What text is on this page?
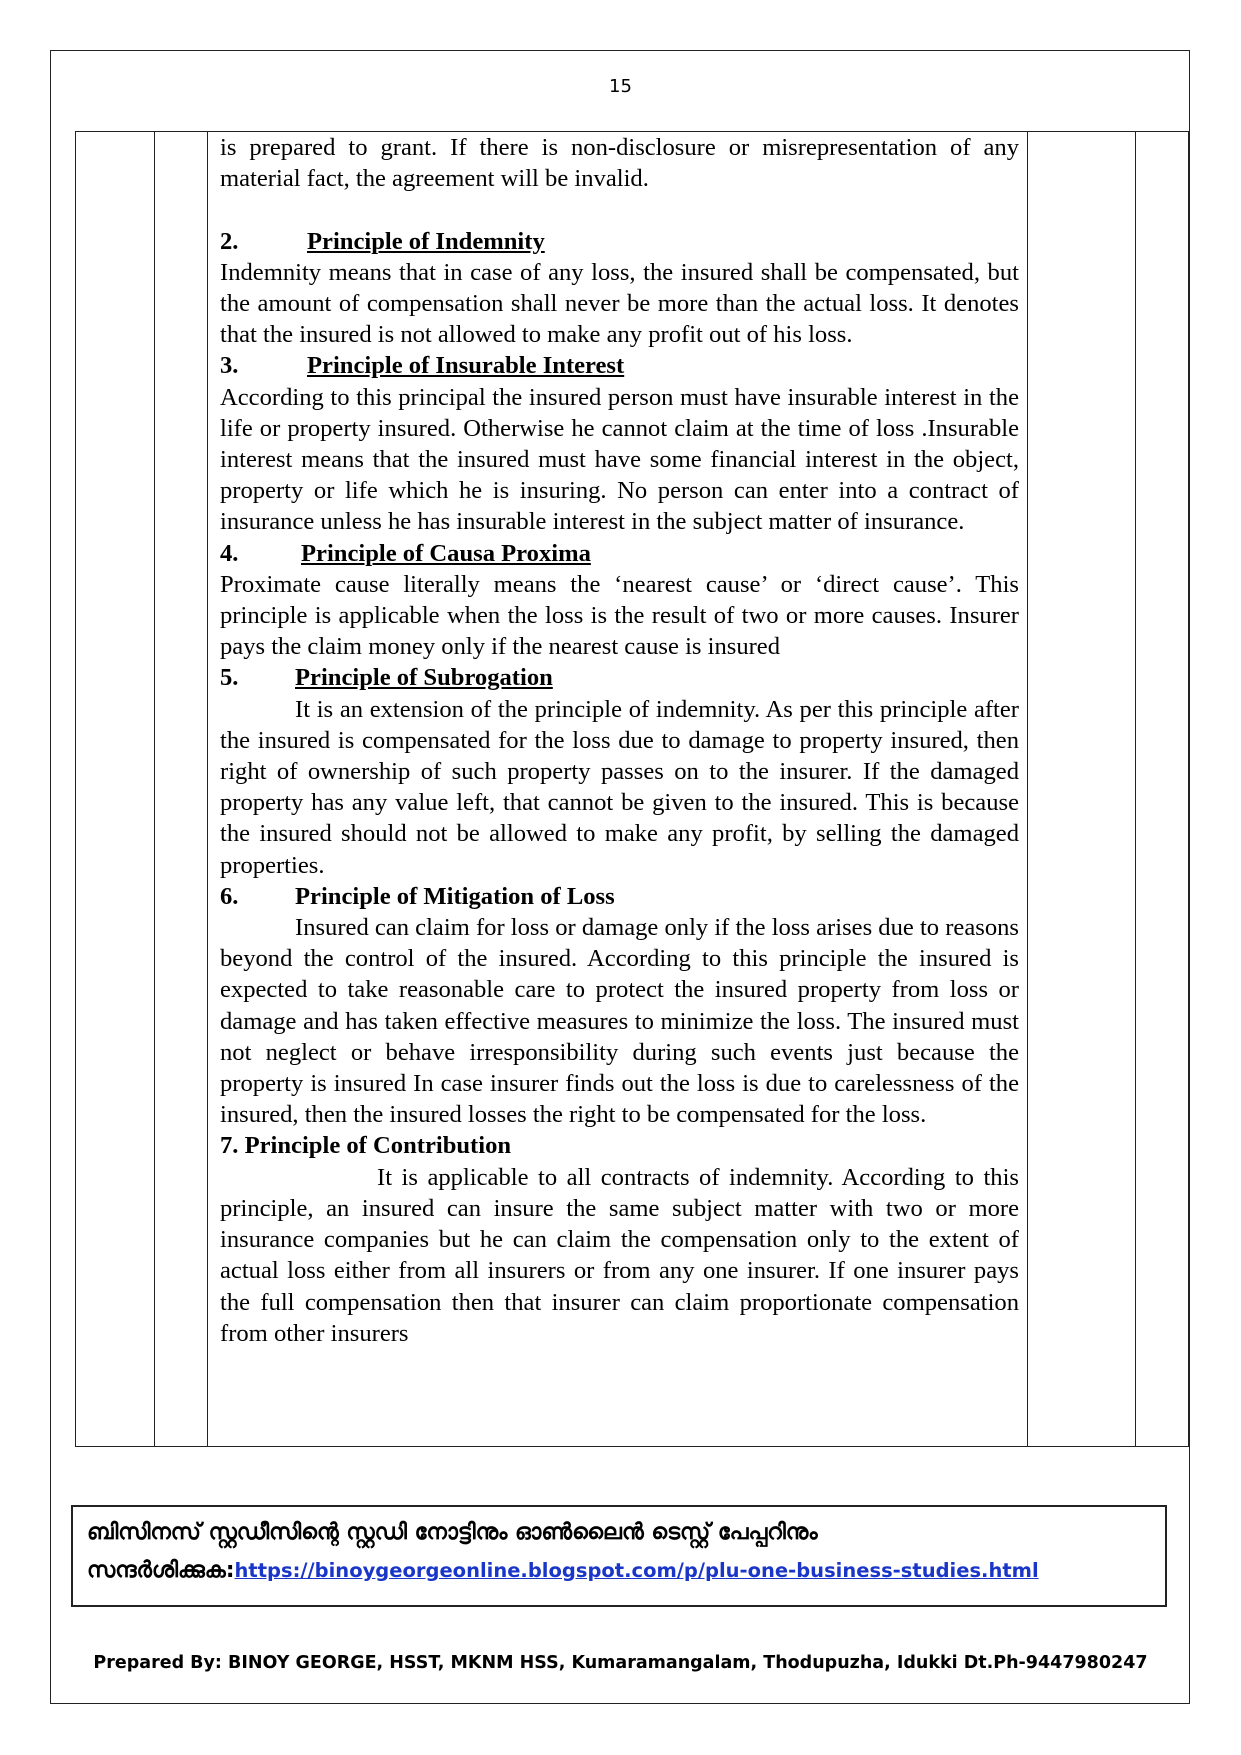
15

is prepared to grant. If there is non-disclosure or misrepresentation of any material fact, the agreement will be invalid.

2.	Principle of Indemnity

Indemnity means that in case of any loss, the insured shall be compensated, but the amount of compensation shall never be more than the actual loss. It denotes that the insured is not allowed to make any profit out of his loss.

3.	Principle of Insurable Interest

According to this principal the insured person must have insurable interest in the life or property insured. Otherwise he cannot claim at the time of loss .Insurable interest means that the insured must have some financial interest in the object, property or life which he is insuring. No person can enter into a contract of insurance unless he has insurable interest in the subject matter of insurance.

4.	Principle of Causa Proxima

Proximate cause literally means the ‘nearest cause’ or ‘direct cause’. This principle is applicable when the loss is the result of two or more causes. Insurer pays the claim money only if the nearest cause is insured

5. Principle of Subrogation

It is an extension of the principle of indemnity. As per this principle after the insured is compensated for the loss due to damage to property insured, then right of ownership of such property passes on to the insurer. If the damaged property has any value left, that cannot be given to the insured. This is because the insured should not be allowed to make any profit, by selling the damaged properties.

6. Principle of Mitigation of Loss

Insured can claim for loss or damage only if the loss arises due to reasons beyond the control of the insured. According to this principle the insured is expected to take reasonable care to protect the insured property from loss or damage and has taken effective measures to minimize the loss. The insured must not neglect or behave irresponsibility during such events just because the property is insured In case insurer finds out the loss is due to carelessness of the insured, then the insured losses the right to be compensated for the loss.

7. Principle of Contribution

It is applicable to all contracts of indemnity. According to this principle, an insured can insure the same subject matter with two or more insurance companies but he can claim the compensation only to the extent of actual loss either from all insurers or from any one insurer. If one insurer pays the full compensation then that insurer can claim proportionate compensation from other insurers

ബിസിനസ് സ്റ്റഡീസിന്റെ സ്റ്റഡി നോട്ടിനും ഓൺലൈൻ ടെസ്റ്റ് പേപ്പറിനും
സന്ദർശിക്കുക:https://binoygeorgeonline.blogspot.com/p/plu-one-business-studies.html
Prepared By: BINOY GEORGE, HSST, MKNM HSS, Kumaramangalam, Thodupuzha, Idukki Dt.Ph-9447980247
